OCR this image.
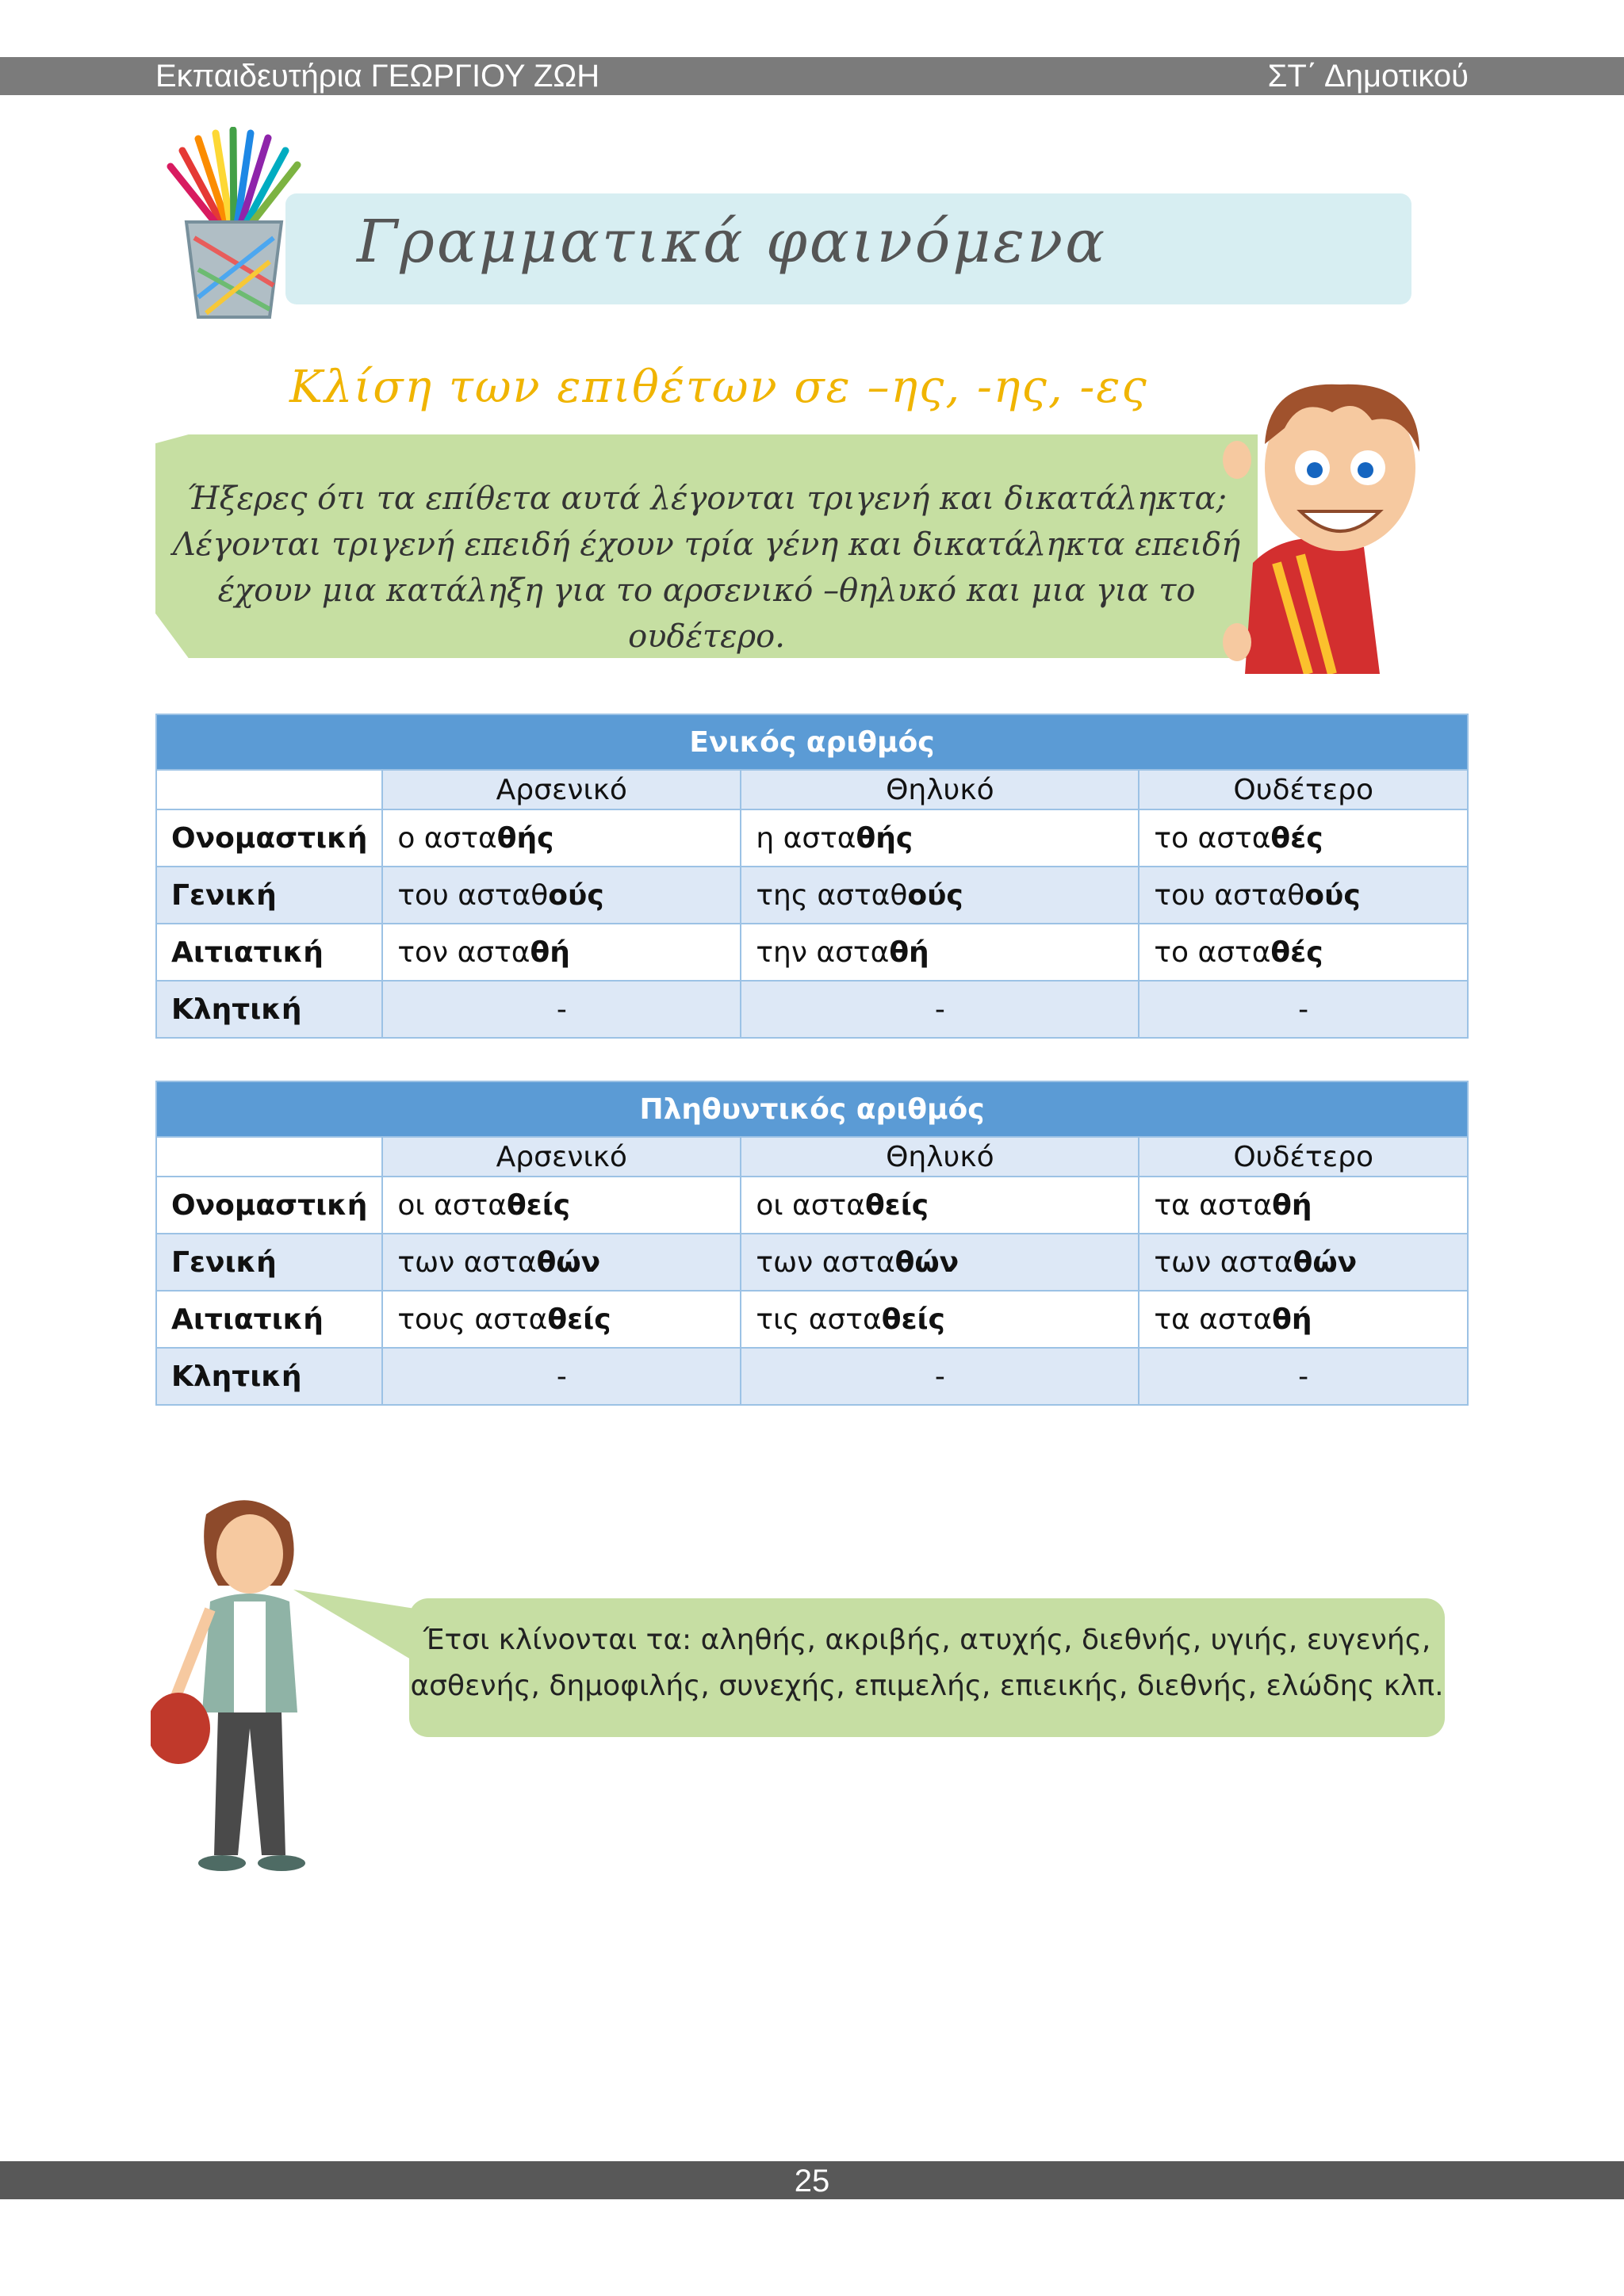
Εκπαιδευτήρια ΓΕΩΡΓΙΟΥ ΖΩΗ	ΣΤ΄ Δημοτικού
Γραμματικά φαινόμενα
Κλίση των επιθέτων σε –ης, -ης, -ες
Ήξερες ότι τα επίθετα αυτά λέγονται τριγενή και δικατάληκτα;
Λέγονται τριγενή επειδή έχουν τρία γένη και δικατάληκτα επειδή
έχουν μια κατάληξη για το αρσενικό –θηλυκό και μια για το ουδέτερο.
Ενικός αριθμός			
	Αρσενικό	Θηλυκό	Ουδέτερο
Ονομαστική	ο ασταθής	η ασταθής	το ασταθές
Γενική	του ασταθούς	της ασταθούς	του ασταθούς
Αιτιατική	τον ασταθή	την ασταθή	το ασταθές
Κλητική	-	-	-
Πληθυντικός αριθμός			
	Αρσενικό	Θηλυκό	Ουδέτερο
Ονομαστική	οι ασταθείς	οι ασταθείς	τα ασταθή
Γενική	των ασταθών	των ασταθών	των ασταθών
Αιτιατική	τους ασταθείς	τις ασταθείς	τα ασταθή
Κλητική	-	-	-
Έτσι κλίνονται τα: αληθής, ακριβής, ατυχής, διεθνής, υγιής, ευγενής,
ασθενής, δημοφιλής, συνεχής, επιμελής, επιεικής, διεθνής, ελώδης κλπ.
25
